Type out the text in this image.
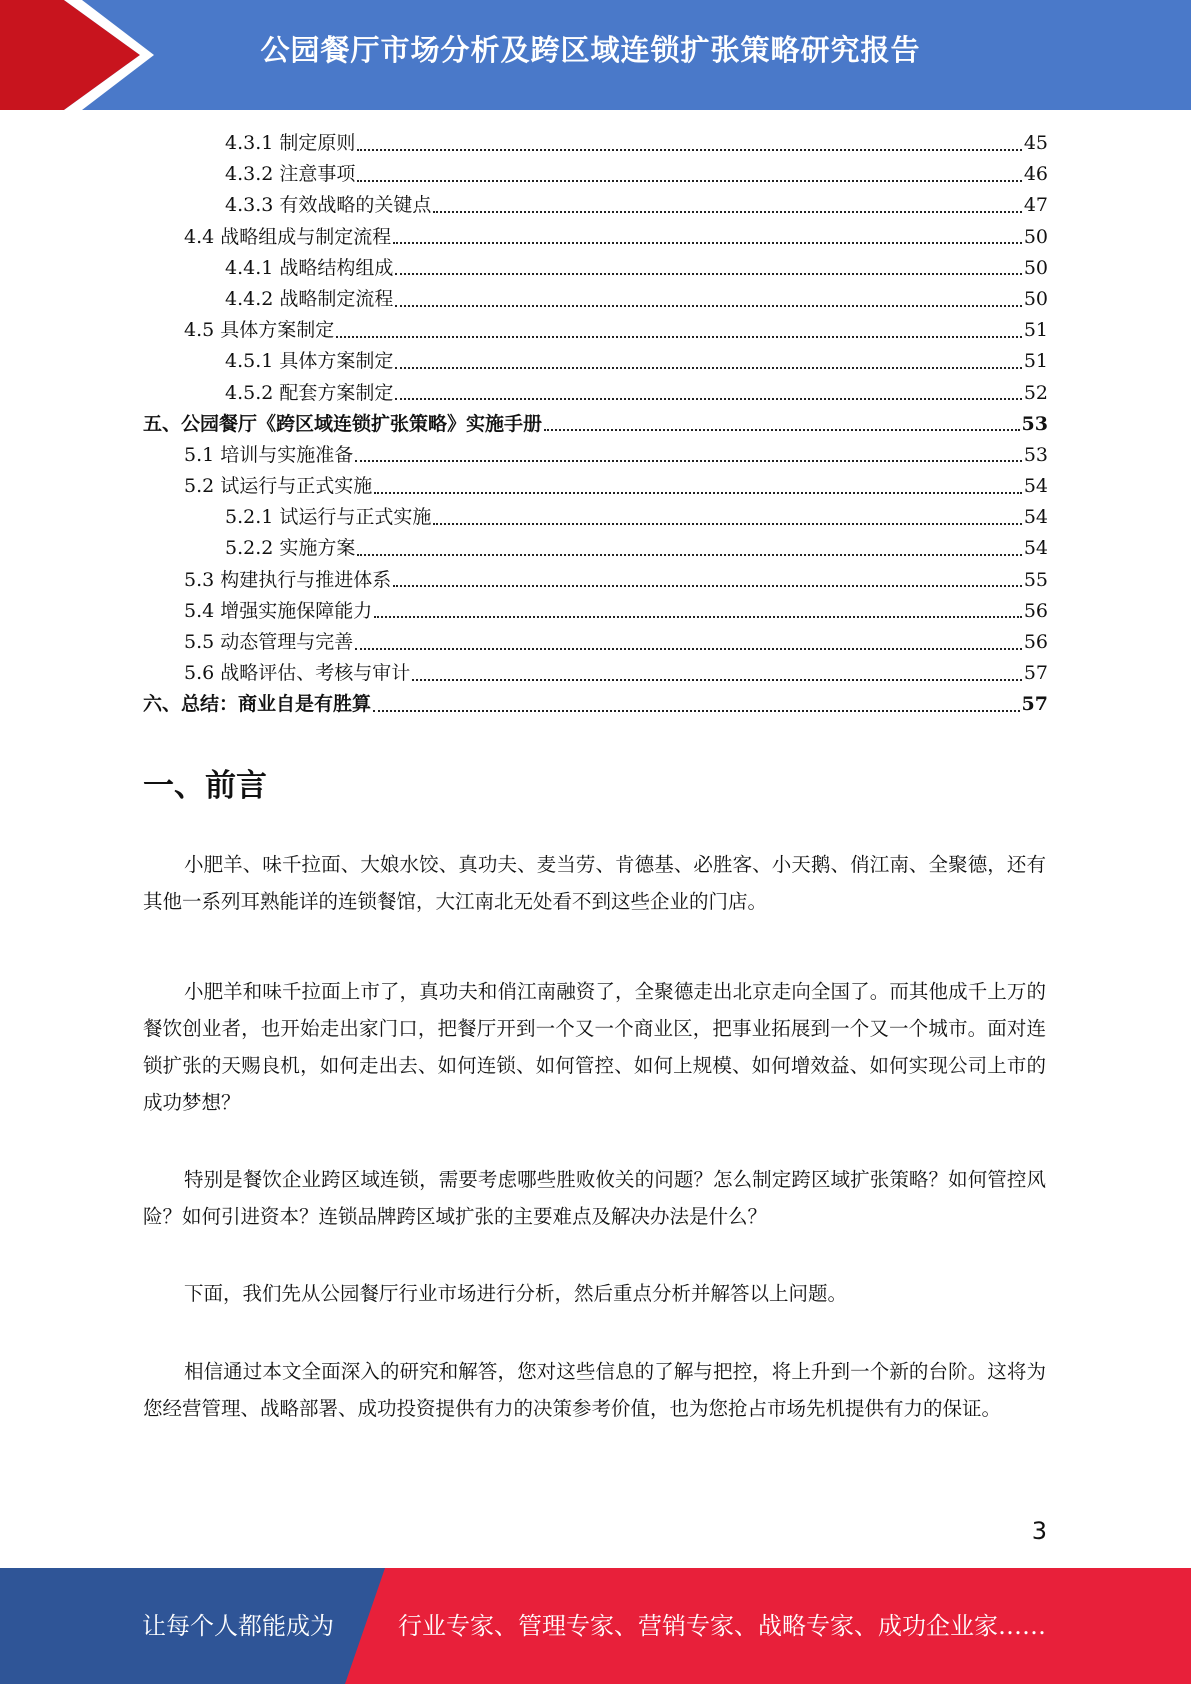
公园餐厅市场分析及跨区域连锁扩张策略研究报告
4.3.1 制定原则	45
4.3.2 注意事项	46
4.3.3 有效战略的关键点	47
4.4 战略组成与制定流程	50
4.4.1 战略结构组成	50
4.4.2 战略制定流程	50
4.5 具体方案制定	51
4.5.1 具体方案制定	51
4.5.2 配套方案制定	52
五、公园餐厅《跨区域连锁扩张策略》实施手册	53
5.1 培训与实施准备	53
5.2 试运行与正式实施	54
5.2.1 试运行与正式实施	54
5.2.2 实施方案	54
5.3 构建执行与推进体系	55
5.4 增强实施保障能力	56
5.5 动态管理与完善	56
5.6 战略评估、考核与审计	57
六、总结：商业自是有胜算	57
一、前言

小肥羊、味千拉面、大娘水饺、真功夫、麦当劳、肯德基、必胜客、小天鹅、俏江南、全聚德，还有其他一系列耳熟能详的连锁餐馆，大江南北无处看不到这些企业的门店。

小肥羊和味千拉面上市了，真功夫和俏江南融资了，全聚德走出北京走向全国了。而其他成千上万的餐饮创业者，也开始走出家门口，把餐厅开到一个又一个商业区，把事业拓展到一个又一个城市。面对连锁扩张的天赐良机，如何走出去、如何连锁、如何管控、如何上规模、如何增效益、如何实现公司上市的成功梦想？

特别是餐饮企业跨区域连锁，需要考虑哪些胜败攸关的问题？怎么制定跨区域扩张策略？如何管控风险？如何引进资本？连锁品牌跨区域扩张的主要难点及解决办法是什么？

下面，我们先从公园餐厅行业市场进行分析，然后重点分析并解答以上问题。

相信通过本文全面深入的研究和解答，您对这些信息的了解与把控，将上升到一个新的台阶。这将为您经营管理、战略部署、成功投资提供有力的决策参考价值，也为您抢占市场先机提供有力的保证。

3
让每个人都能成为	行业专家、管理专家、营销专家、战略专家、成功企业家……
